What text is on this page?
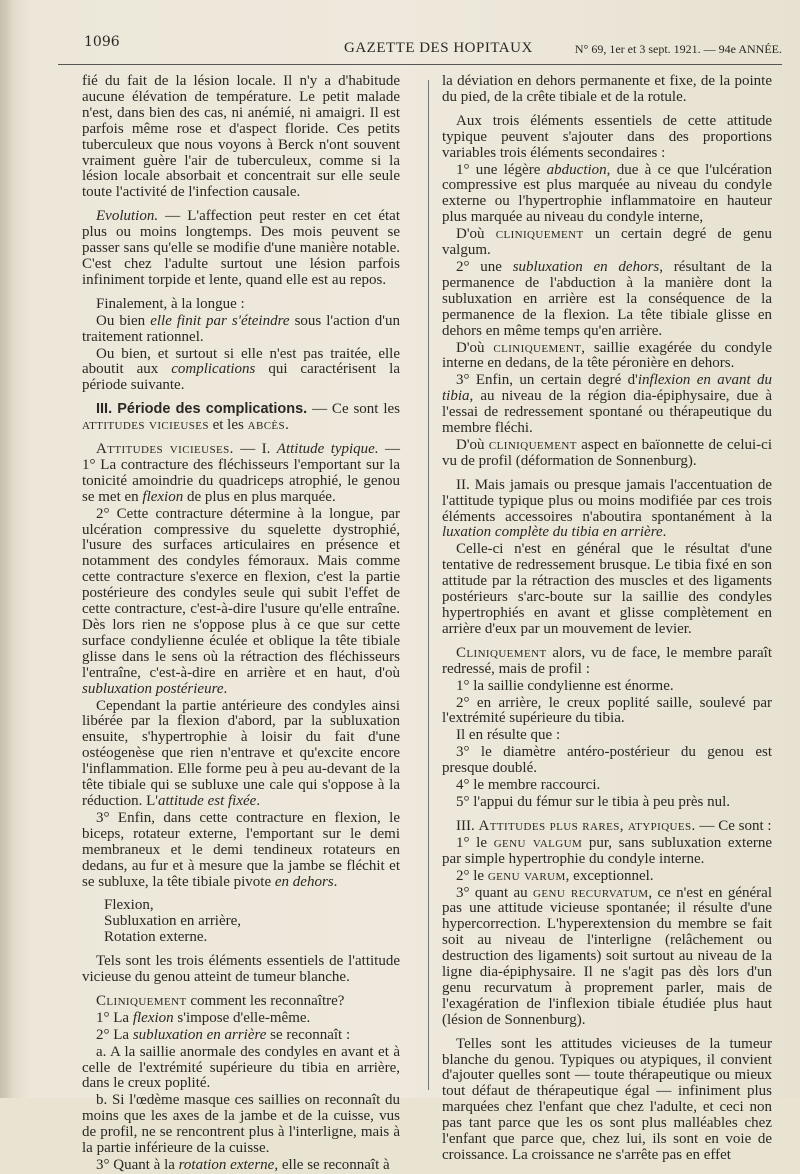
1096	GAZETTE DES HOPITAUX	N° 69, 1er et 3 sept. 1921. — 94e ANNÉE.

fié du fait de la lésion locale. Il n'y a d'habitude aucune élévation de température. Le petit malade n'est, dans bien des cas, ni anémié, ni amaigri. Il est parfois même rose et d'aspect floride. Ces petits tuberculeux que nous voyons à Berck n'ont souvent vraiment guère l'air de tuberculeux, comme si la lésion locale absorbait et concentrait sur elle seule toute l'activité de l'infection causale.

Evolution. — L'affection peut rester en cet état plus ou moins longtemps. Des mois peuvent se passer sans qu'elle se modifie d'une manière notable. C'est chez l'adulte surtout une lésion parfois infiniment torpide et lente, quand elle est au repos.

Finalement, à la longue :

Ou bien elle finit par s'éteindre sous l'action d'un traitement rationnel.

Ou bien, et surtout si elle n'est pas traitée, elle aboutit aux complications qui caractérisent la période suivante.

III. Période des complications. — Ce sont les attitudes vicieuses et les abcès.

Attitudes vicieuses. — I. Attitude typique. — 1° La contracture des fléchisseurs l'emportant sur la tonicité amoindrie du quadriceps atrophié, le genou se met en flexion de plus en plus marquée.

2° Cette contracture détermine à la longue, par ulcération compressive du squelette dystrophié, l'usure des surfaces articulaires en présence et notamment des condyles fémoraux. Mais comme cette contracture s'exerce en flexion, c'est la partie postérieure des condyles seule qui subit l'effet de cette contracture, c'est-à-dire l'usure qu'elle entraîne. Dès lors rien ne s'oppose plus à ce que sur cette surface condylienne éculée et oblique la tête tibiale glisse dans le sens où la rétraction des fléchisseurs l'entraîne, c'est-à-dire en arrière et en haut, d'où subluxation postérieure.

Cependant la partie antérieure des condyles ainsi libérée par la flexion d'abord, par la subluxation ensuite, s'hypertrophie à loisir du fait d'une ostéogenèse que rien n'entrave et qu'excite encore l'inflammation. Elle forme peu à peu au-devant de la tête tibiale qui se subluxe une cale qui s'oppose à la réduction. L'attitude est fixée.

3° Enfin, dans cette contracture en flexion, le biceps, rotateur externe, l'emportant sur le demi membraneux et le demi tendineux rotateurs en dedans, au fur et à mesure que la jambe se fléchit et se subluxe, la tête tibiale pivote en dehors.

Flexion,

Subluxation en arrière,

Rotation externe.

Tels sont les trois éléments essentiels de l'attitude vicieuse du genou atteint de tumeur blanche.

Cliniquement comment les reconnaître?

1° La flexion s'impose d'elle-même.

2° La subluxation en arrière se reconnaît :

a. A la saillie anormale des condyles en avant et à celle de l'extrémité supérieure du tibia en arrière, dans le creux poplité.

b. Si l'œdème masque ces saillies on reconnaît du moins que les axes de la jambe et de la cuisse, vus de profil, ne se rencontrent plus à l'interligne, mais à la partie inférieure de la cuisse.

3° Quant à la rotation externe, elle se reconnaît à

la déviation en dehors permanente et fixe, de la pointe du pied, de la crête tibiale et de la rotule.

Aux trois éléments essentiels de cette attitude typique peuvent s'ajouter dans des proportions variables trois éléments secondaires :

1° une légère abduction, due à ce que l'ulcération compressive est plus marquée au niveau du condyle externe ou l'hypertrophie inflammatoire en hauteur plus marquée au niveau du condyle interne,

D'où cliniquement un certain degré de genu valgum.

2° une subluxation en dehors, résultant de la permanence de l'abduction à la manière dont la subluxation en arrière est la conséquence de la permanence de la flexion. La tête tibiale glisse en dehors en même temps qu'en arrière.

D'où cliniquement, saillie exagérée du condyle interne en dedans, de la tête péronière en dehors.

3° Enfin, un certain degré d'inflexion en avant du tibia, au niveau de la région dia-épiphysaire, due à l'essai de redressement spontané ou thérapeutique du membre fléchi.

D'où cliniquement aspect en baïonnette de celui-ci vu de profil (déformation de Sonnenburg).

II. Mais jamais ou presque jamais l'accentuation de l'attitude typique plus ou moins modifiée par ces trois éléments accessoires n'aboutira spontanément à la luxation complète du tibia en arrière.

Celle-ci n'est en général que le résultat d'une tentative de redressement brusque. Le tibia fixé en son attitude par la rétraction des muscles et des ligaments postérieurs s'arc-boute sur la saillie des condyles hypertrophiés en avant et glisse complètement en arrière d'eux par un mouvement de levier.

Cliniquement alors, vu de face, le membre paraît redressé, mais de profil :

1° la saillie condylienne est énorme.

2° en arrière, le creux poplité saille, soulevé par l'extrémité supérieure du tibia.

Il en résulte que :

3° le diamètre antéro-postérieur du genou est presque doublé.

4° le membre raccourci.

5° l'appui du fémur sur le tibia à peu près nul.

III. Attitudes plus rares, atypiques. — Ce sont :

1° le genu valgum pur, sans subluxation externe par simple hypertrophie du condyle interne.

2° le genu varum, exceptionnel.

3° quant au genu recurvatum, ce n'est en général pas une attitude vicieuse spontanée; il résulte d'une hypercorrection. L'hyperextension du membre se fait soit au niveau de l'interligne (relâchement ou destruction des ligaments) soit surtout au niveau de la ligne dia-épiphysaire. Il ne s'agit pas dès lors d'un genu recurvatum à proprement parler, mais de l'exagération de l'inflexion tibiale étudiée plus haut (lésion de Sonnenburg).

Telles sont les attitudes vicieuses de la tumeur blanche du genou. Typiques ou atypiques, il convient d'ajouter quelles sont — toute thérapeutique ou mieux tout défaut de thérapeutique égal — infiniment plus marquées chez l'enfant que chez l'adulte, et ceci non pas tant parce que les os sont plus malléables chez l'enfant que parce que, chez lui, ils sont en voie de croissance. La croissance ne s'arrête pas en effet
